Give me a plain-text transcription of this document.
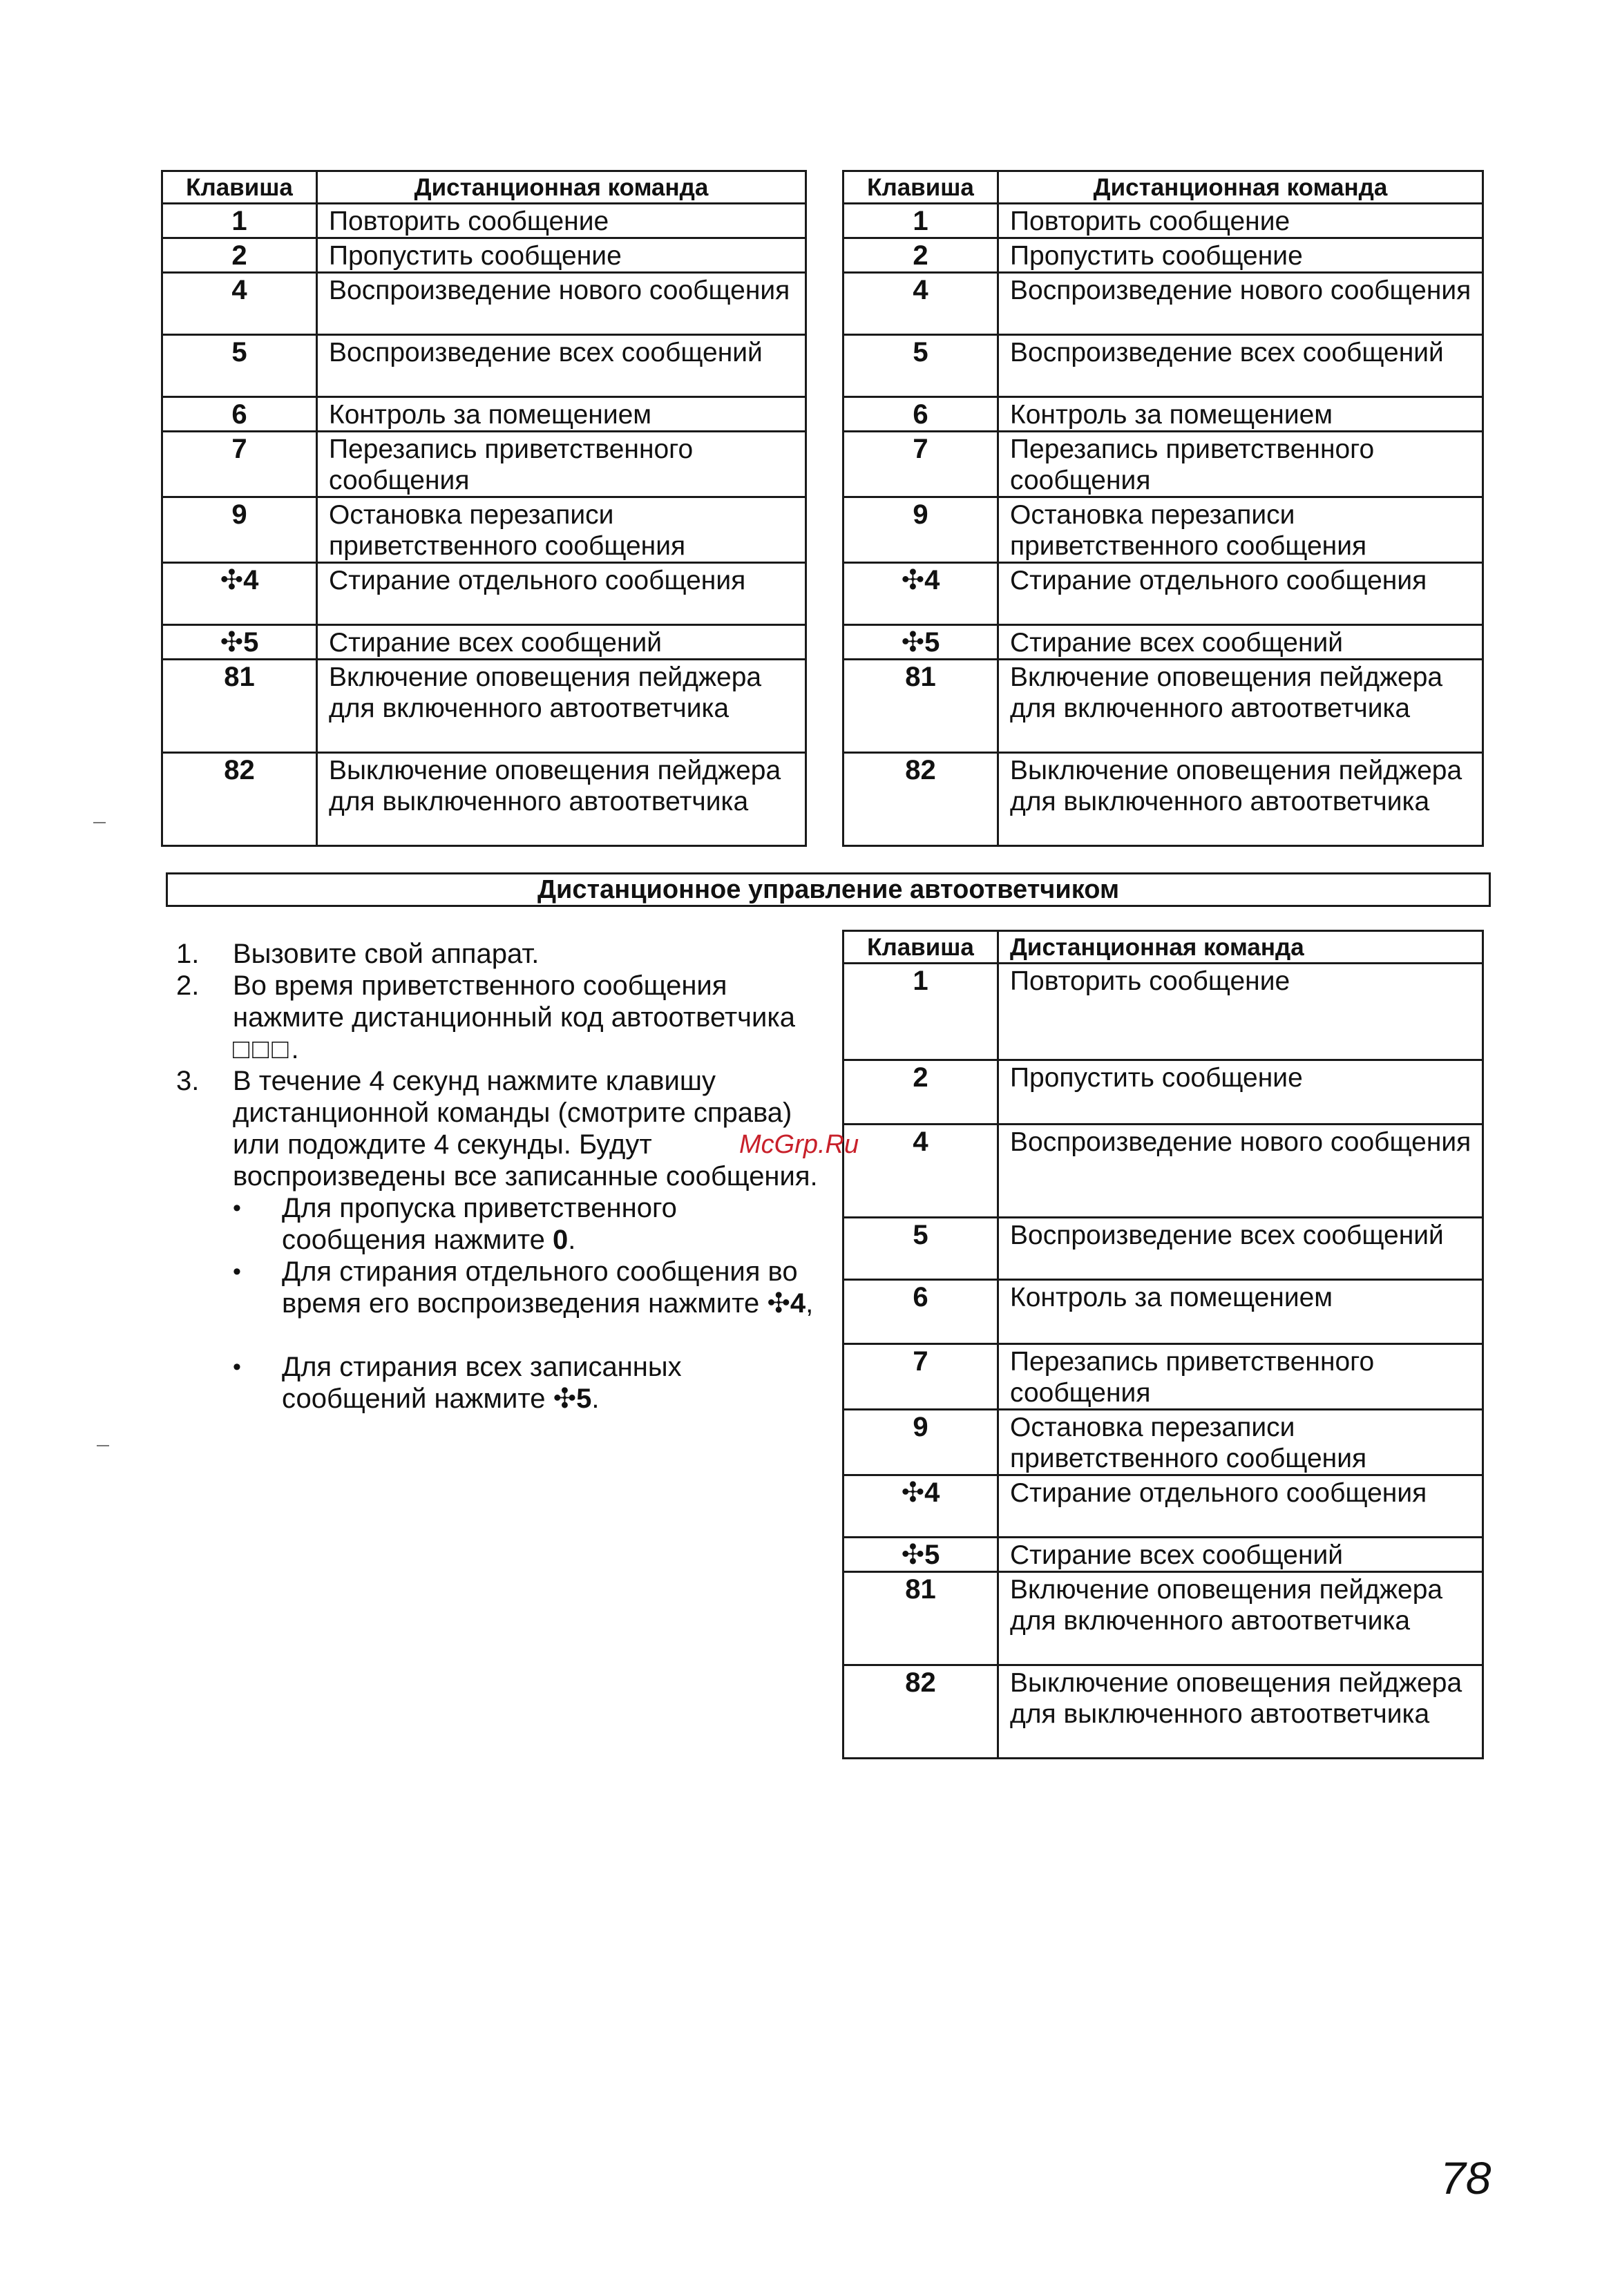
Клавиша	Дистанционная команда
1	Повторить сообщение
2	Пропустить сообщение
4	Воспроизведение нового сообщения
5	Воспроизведение всех сообщений
6	Контроль за помещением
7	Перезапись приветственного сообщения
9	Остановка перезаписи приветственного сообщения
✣4	Стирание отдельного сообщения
✣5	Стирание всех сообщений
81	Включение оповещения пейджера для включенного автоответчика
82	Выключение оповещения пейджера для выключенного автоответчика
Клавиша	Дистанционная команда
1	Повторить сообщение
2	Пропустить сообщение
4	Воспроизведение нового сообщения
5	Воспроизведение всех сообщений
6	Контроль за помещением
7	Перезапись приветственного сообщения
9	Остановка перезаписи приветственного сообщения
✣4	Стирание отдельного сообщения
✣5	Стирание всех сообщений
81	Включение оповещения пейджера для включенного автоответчика
82	Выключение оповещения пейджера для выключенного автоответчика
Дистанционное управление автоответчиком
1. Вызовите свой аппарат.
2. Во время приветственного сообщения нажмите дистанционный код автоответчика □□□.
3. В течение 4 секунд нажмите клавишу дистанционной команды (смотрите справа) или подождите 4 секунды. Будут воспроизведены все записанные сообщения.
• Для пропуска приветственного сообщения нажмите 0.
• Для стирания отдельного сообщения во время его воспроизведения нажмите ✣4,
• Для стирания всех записанных сообщений нажмите ✣5.
Клавиша	Дистанционная команда
1	Повторить сообщение
2	Пропустить сообщение
4	Воспроизведение нового сообщения
5	Воспроизведение всех сообщений
6	Контроль за помещением
7	Перезапись приветственного сообщения
9	Остановка перезаписи приветственного сообщения
✣4	Стирание отдельного сообщения
✣5	Стирание всех сообщений
81	Включение оповещения пейджера для включенного автоответчика
82	Выключение оповещения пейджера для выключенного автоответчика
McGrp.Ru
78
